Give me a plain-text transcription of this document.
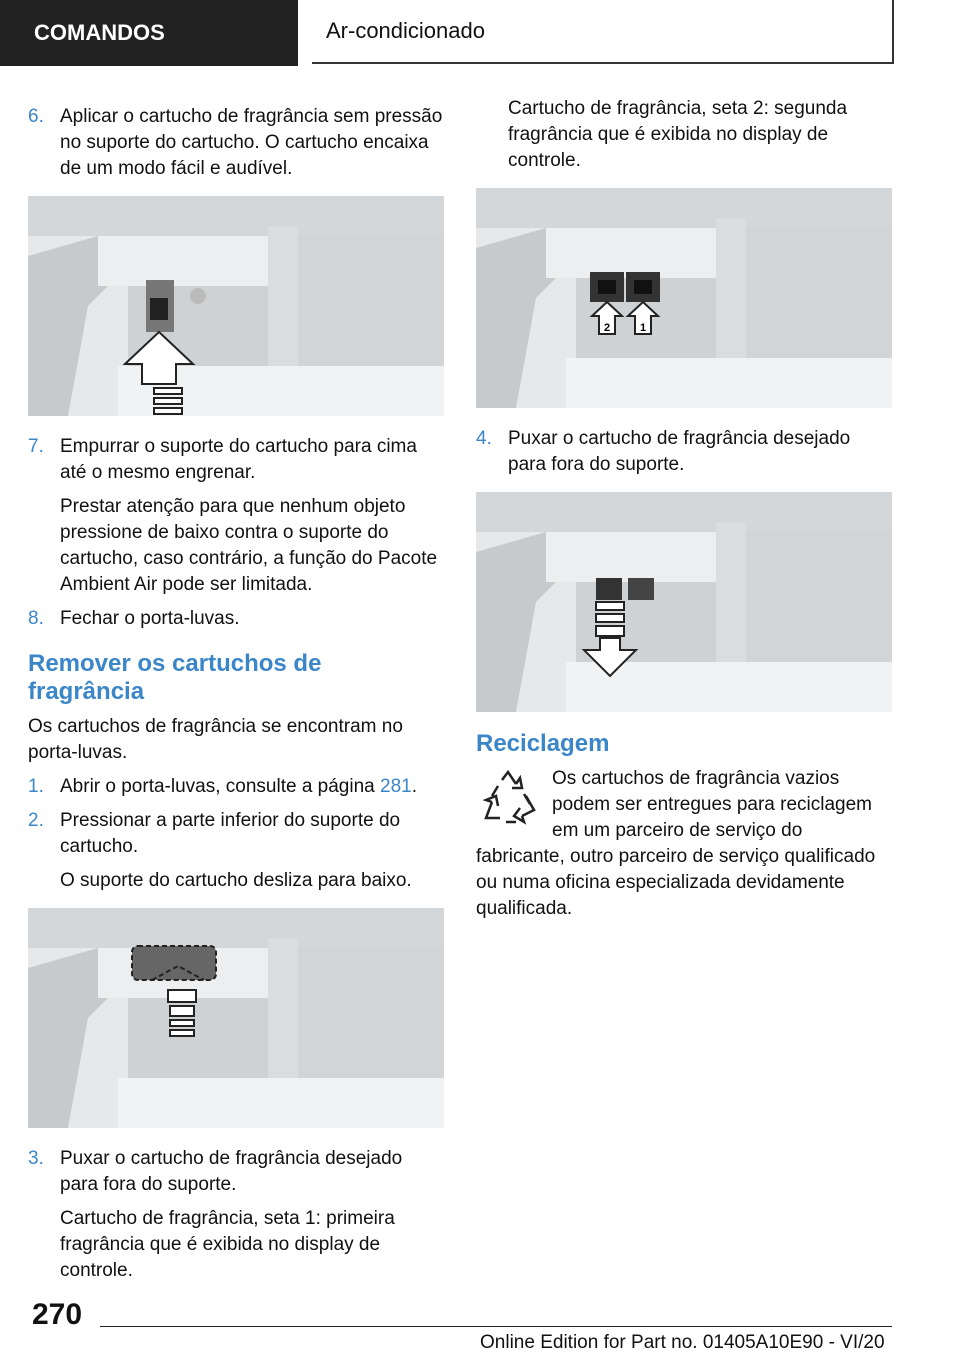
COMANDOS	Ar-condicionado
6. Aplicar o cartucho de fragrância sem pressão no suporte do cartucho. O cartucho encaixa de um modo fácil e audível.
7. Empurrar o suporte do cartucho para cima até o mesmo engrenar.
Prestar atenção para que nenhum objeto pressione de baixo contra o suporte do cartucho, caso contrário, a função do Pacote Ambient Air pode ser limitada.
8. Fechar o porta-luvas.
Remover os cartuchos de fragrância
Os cartuchos de fragrância se encontram no porta-luvas.
1. Abrir o porta-luvas, consulte a página 281.
2. Pressionar a parte inferior do suporte do cartucho.
O suporte do cartucho desliza para baixo.
3. Puxar o cartucho de fragrância desejado para fora do suporte.
Cartucho de fragrância, seta 1: primeira fragrância que é exibida no display de controle.
Cartucho de fragrância, seta 2: segunda fragrância que é exibida no display de controle.
2	1
4. Puxar o cartucho de fragrância desejado para fora do suporte.
Reciclagem
Os cartuchos de fragrância vazios podem ser entregues para reciclagem em um parceiro de serviço do fabricante, outro parceiro de serviço qualificado ou numa oficina especializada devidamente qualificada.
270
Online Edition for Part no. 01405A10E90 - VI/20
